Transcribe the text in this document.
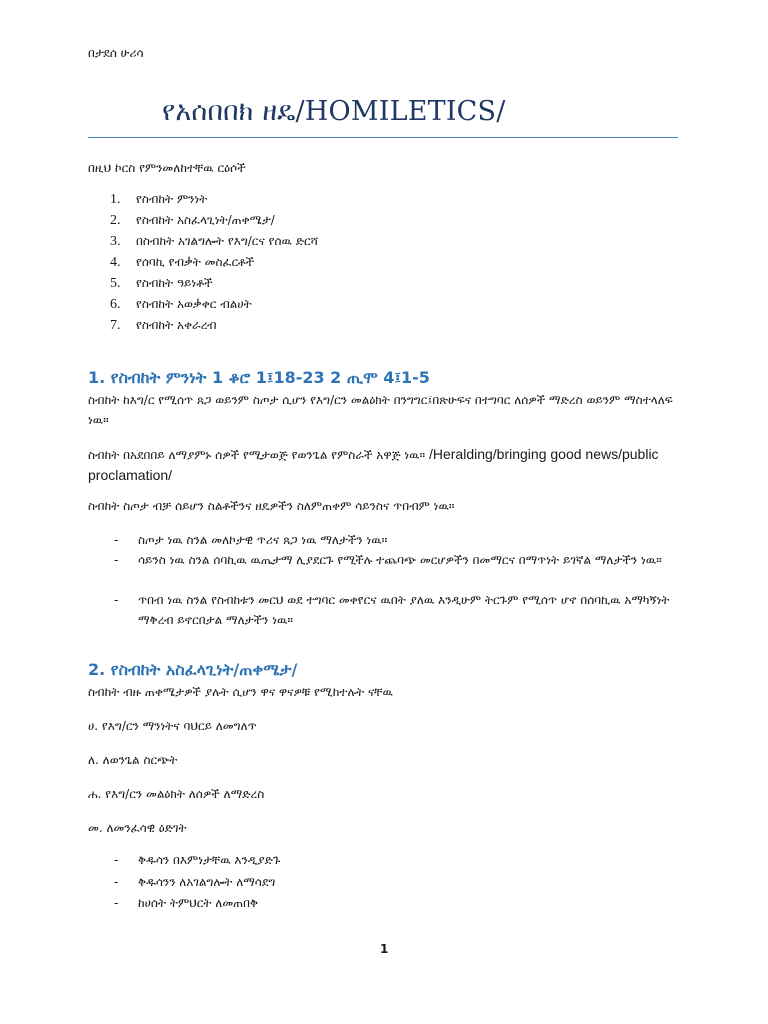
በታደሰ ሁሪሳ
የአሰበበክ ዘዴ/HOMILETICS/
በዚህ ኮርስ የምንመለከተቸዉ ርዕሶች
1. የስብከት ምንነት
2. የስብከት አስፈላጊነት/ጠቀሜታ/
3. በስብከት አገልግሎት የእግ/ርና የሰዉ ድርሻ
4. የሰባኪ የብቃት መስፈርቶች
5. የስብከት ዓይነቶች
6. የስብከት አወቃቀር ብልሀት
7. የስብከት አቀራረብ
1. የስብከት ምንነት 1 ቆሮ 1፤18-23 2 ጢሞ 4፤1-5
ስብከት ከእግ/ር የሚሰጥ ጸጋ ወይንም ስጦታ ሲሆን የእግ/ርን መልዕክት በንግግር፤በጽሁፍና በተግባር ለሰዎች ማድረስ ወይንም ማስተላለፍ ነዉ።
ስብከት በአደበበይ ለማያምኑ ሰዎች የሚታወጅ የወንጌል የምስራች አዋጅ ነዉ። /Heralding/bringing good news/public proclamation/
ስብከት ስጦታ ብቻ ሰይሆን ስልቶችንና ዘዴዎችን ስለምጠቀም ሳይንስና ጥበብም ነዉ።
- ስጦታ ነዉ ስንል መለኮታዊ ጥሪና ጸጋ ነዉ ማለታችን ነዉ።
- ሳይንስ ነዉ ስንል ሰባኪዉ ዉጤታማ ሊያደርጉ የሚችሉ ተጨባጭ መርሆዎችን በመማርና በማጥነት ይገኛል ማለታችን ነዉ።
- ጥበብ ነዉ ስንል የስብከቱን መርህ ወደ ተግባር መቀየርና ዉበት ያለዉ እንዲሁም ትርጉም የሚሰጥ ሆኖ በሰባኪዉ አማካኝነት ማቅረብ ይኖርበታል ማለታችን ነዉ።
2. የስብከት አስፈላጊነት/ጠቀሜታ/
ስብከት ብዙ ጠቀሜታዎች ያሉት ሲሆን ዋና ዋናዎቹ የሚከተሉት ናቸዉ
ሀ. የእግ/ርን ማንነትና ባህርይ ለመግለጥ
ለ. ለወንጌል ስርጭት
ሐ. የእግ/ርን መልዕክት ለሰዎች ለማድረስ
መ. ለመንፈሳዊ ዕድገት
- ቅዱሳን በእምነታቸዉ እንዲያድጉ
- ቅዱሳንን ለአገልግሎት ለማሳደግ
- ከሀሰት ትምህርት ለመጠበቅ
1
